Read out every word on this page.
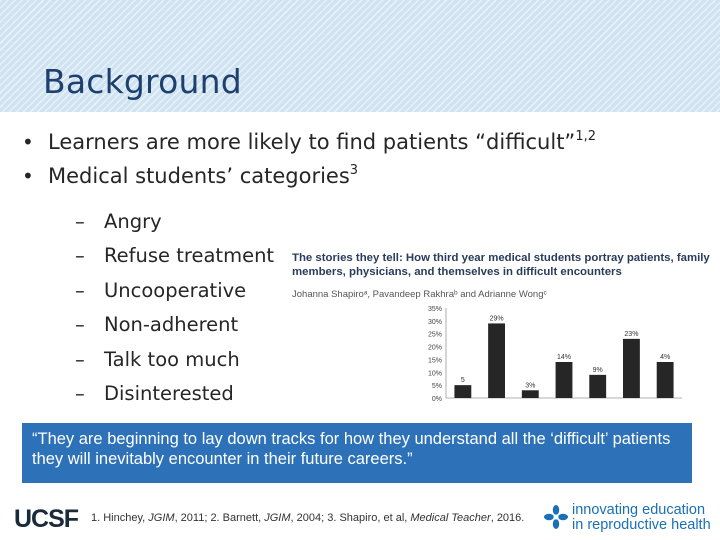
Background
• Learners are more likely to find patients “difficult”$^{1,2}$
• Medical students’ categories$^3$
– Angry
– Refuse treatment
– Uncooperative
– Non-adherent
– Talk too much
– Disinterested
The stories they tell: How third year medical students portray patients, family members, physicians, and themselves in difficult encounters
Johanna Shapiroᵃ, Pavandeep Rakhraᵇ and Adrianne Wongᶜ
0%
5%
10%
15%
20%
25%
30%
35%
5
29%
3%
14%
9%
23%
4%
“They are beginning to lay down tracks for how they understand all the ‘difficult’ patients they will inevitably encounter in their future careers.”
UCSF 1. Hinchey, JGIM, 2011; 2. Barnett, JGIM, 2004; 3. Shapiro, et al, Medical Teacher, 2016.	innovating education
in reproductive health
